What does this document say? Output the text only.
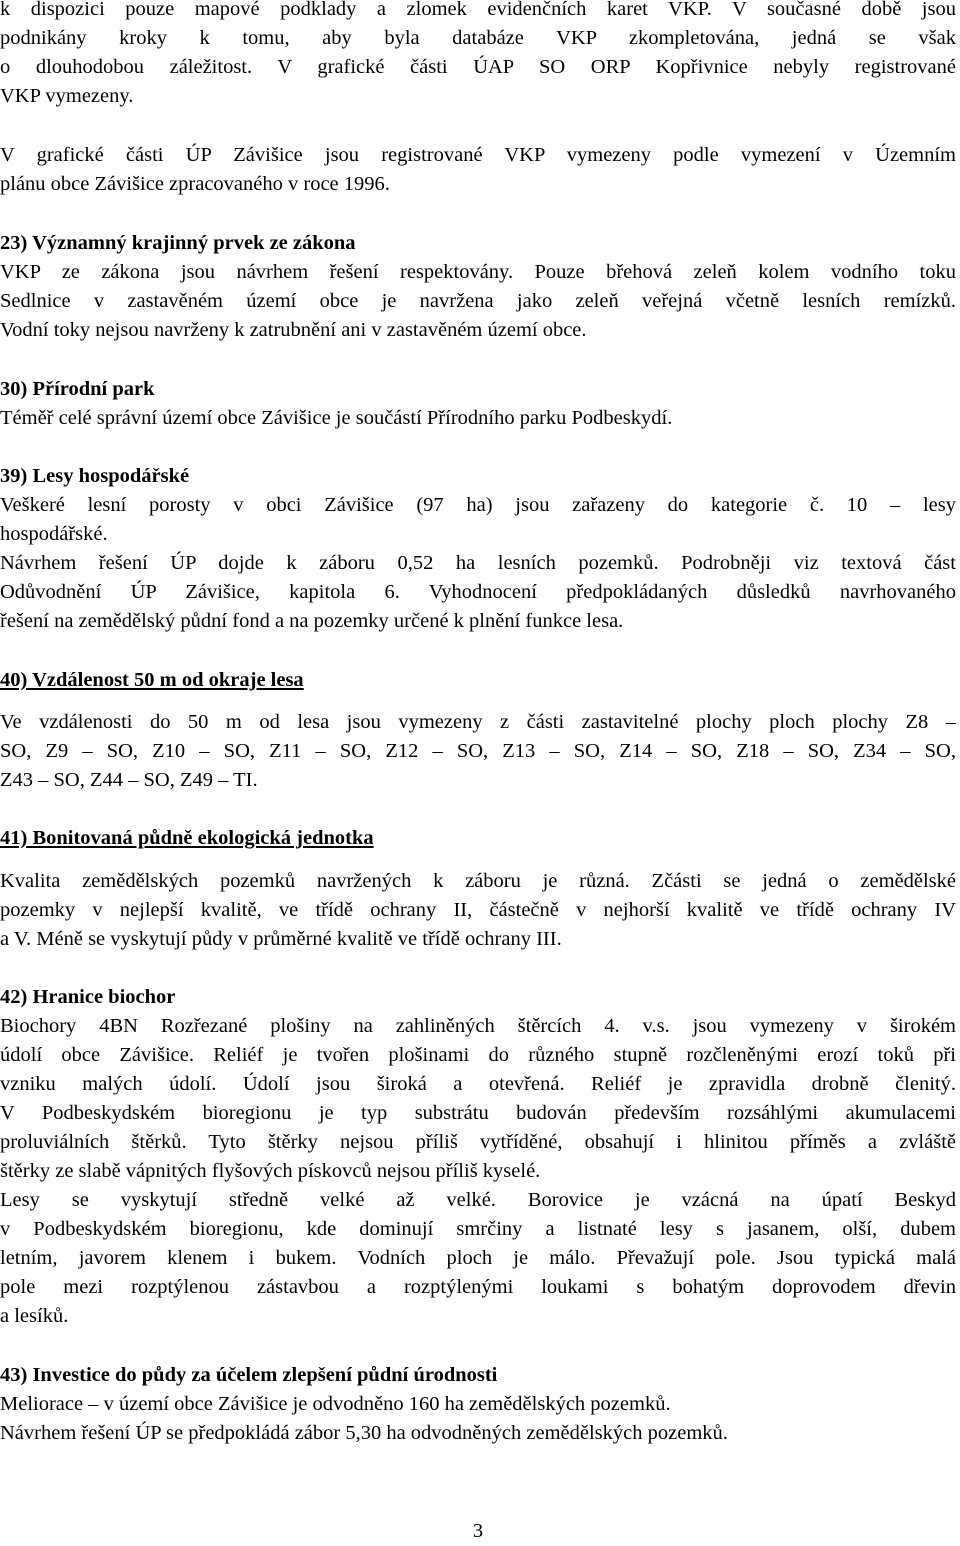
k dispozici pouze mapové podklady a zlomek evidenčních karet VKP. V současné době jsou
podnikány kroky k tomu, aby byla databáze VKP zkompletována, jedná se však
o dlouhodobou záležitost. V grafické části ÚAP SO ORP Kopřivnice nebyly registrované
VKP vymezeny.
V grafické části ÚP Závišice jsou registrované VKP vymezeny podle vymezení v Územním
plánu obce Závišice zpracovaného v roce 1996.
23) Významný krajinný prvek ze zákona
VKP ze zákona jsou návrhem řešení respektovány. Pouze břehová zeleň kolem vodního toku
Sedlnice v zastavěném území obce je navržena jako zeleň veřejná včetně lesních remízků.
Vodní toky nejsou navrženy k zatrubnění ani v zastavěném území obce.
30) Přírodní park
Téměř celé správní území obce Závišice je součástí Přírodního parku Podbeskydí.
39) Lesy hospodářské
Veškeré lesní porosty v obci Závišice (97 ha) jsou zařazeny do kategorie č. 10 – lesy
hospodářské.
Návrhem řešení ÚP dojde k záboru 0,52 ha lesních pozemků. Podrobněji viz textová část
Odůvodnění ÚP Závišice, kapitola 6. Vyhodnocení předpokládaných důsledků navrhovaného
řešení na zemědělský půdní fond a na pozemky určené k plnění funkce lesa.
40) Vzdálenost 50 m od okraje lesa
Ve vzdálenosti do 50 m od lesa jsou vymezeny z části zastavitelné plochy ploch plochy Z8 –
SO, Z9 – SO, Z10 – SO, Z11 – SO, Z12 – SO, Z13 – SO, Z14 – SO, Z18 – SO, Z34 – SO,
Z43 – SO, Z44 – SO, Z49 – TI.
41) Bonitovaná půdně ekologická jednotka
Kvalita zemědělských pozemků navržených k záboru je různá. Zčásti se jedná o zemědělské
pozemky v nejlepší kvalitě, ve třídě ochrany II, částečně v nejhorší kvalitě ve třídě ochrany IV
a V. Méně se vyskytují půdy v průměrné kvalitě ve třídě ochrany III.
42) Hranice biochor
Biochory 4BN Rozřezané plošiny na zahliněných štěrcích 4. v.s. jsou vymezeny v širokém
údolí obce Závišice. Reliéf je tvořen plošinami do různého stupně rozčleněnými erozí toků při
vzniku malých údolí. Údolí jsou široká a otevřená. Reliéf je zpravidla drobně členitý.
V Podbeskydském bioregionu je typ substrátu budován především rozsáhlými akumulacemi
proluviálních štěrků. Tyto štěrky nejsou příliš vytříděné, obsahují i hlinitou příměs a zvláště
štěrky ze slabě vápnitých flyšových pískovců nejsou příliš kyselé.
Lesy se vyskytují středně velké až velké. Borovice je vzácná na úpatí Beskyd
v Podbeskydském bioregionu, kde dominují smrčiny a listnaté lesy s jasanem, olší, dubem
letním, javorem klenem i bukem. Vodních ploch je málo. Převažují pole. Jsou typická malá
pole mezi rozptýlenou zástavbou a rozptýlenými loukami s bohatým doprovodem dřevin
a lesíků.
43) Investice do půdy za účelem zlepšení půdní úrodnosti
Meliorace – v území obce Závišice je odvodněno 160 ha zemědělských pozemků.
Návrhem řešení ÚP se předpokládá zábor 5,30 ha odvodněných zemědělských pozemků.
3
